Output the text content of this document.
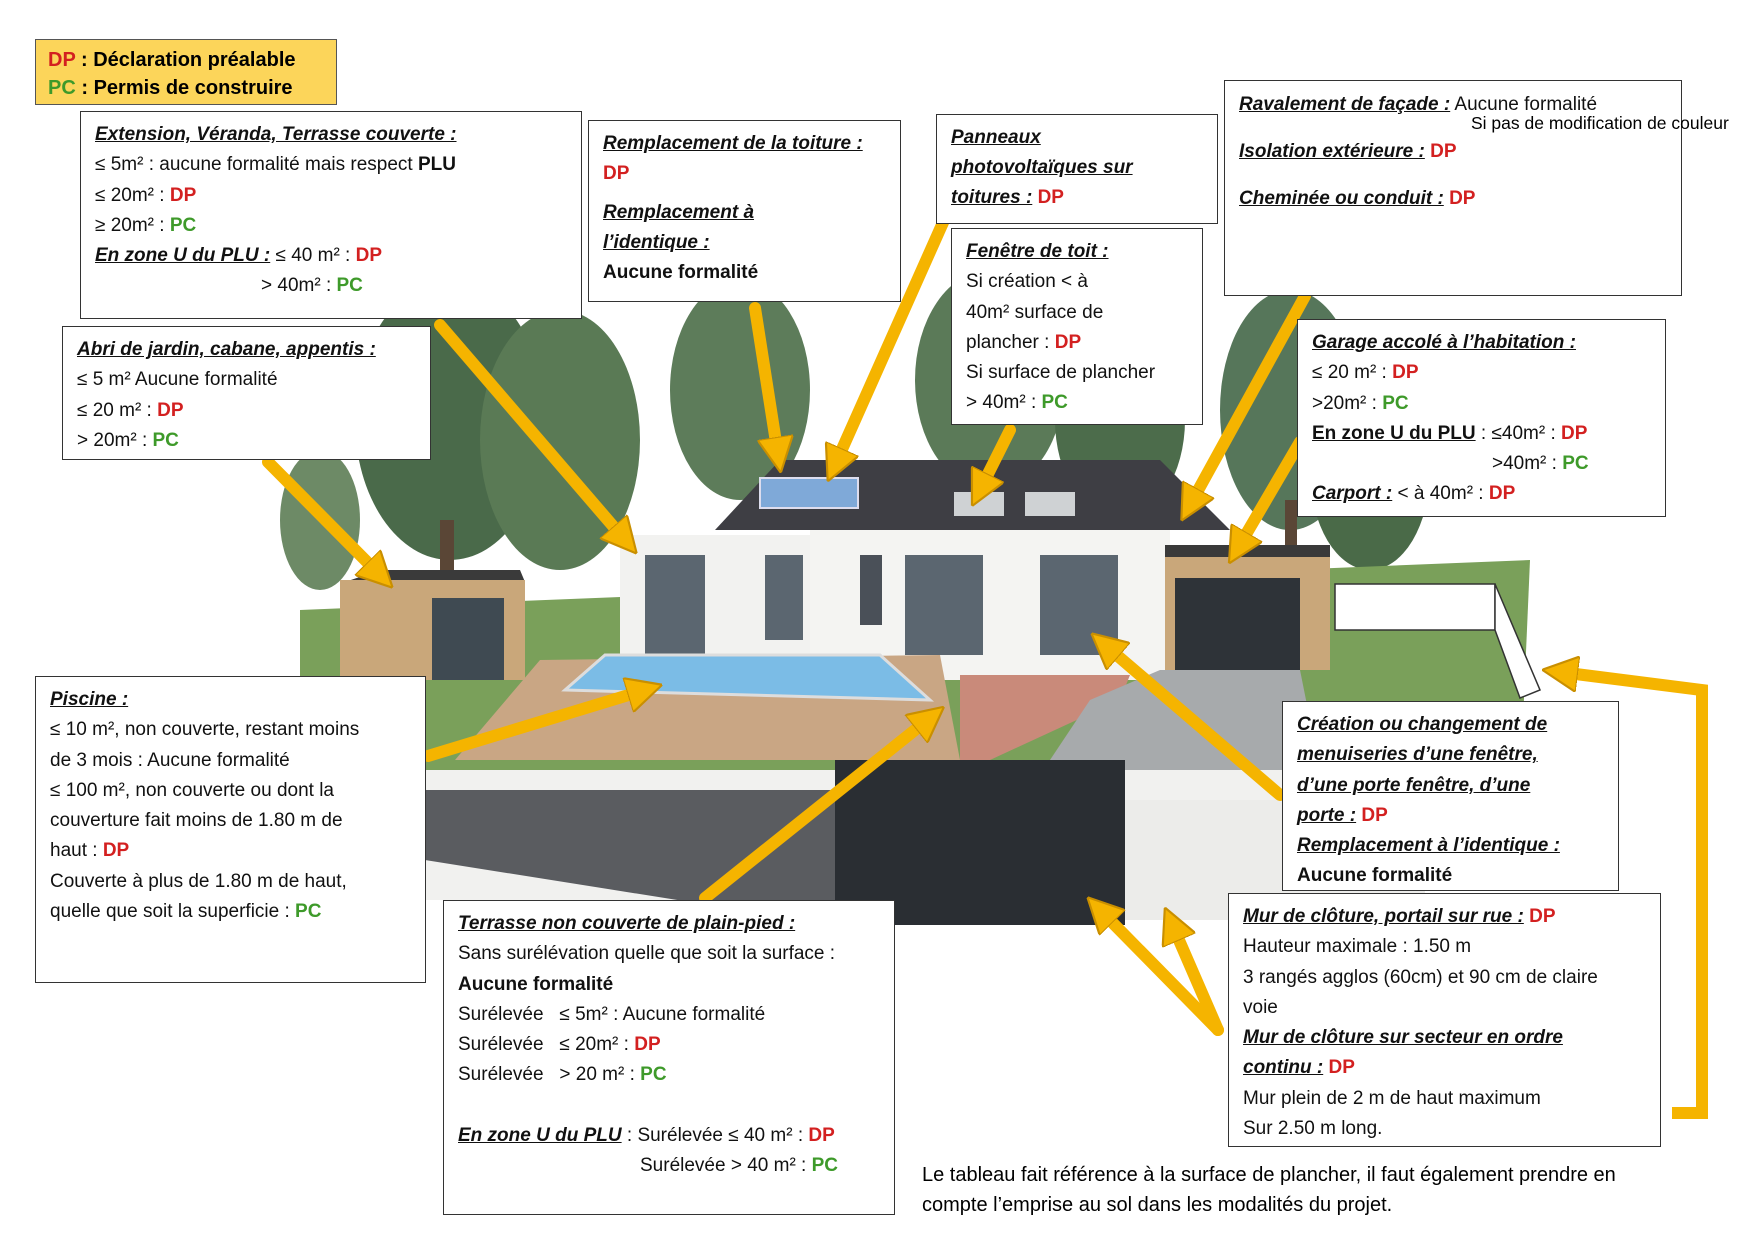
DP : Déclaration préalable
PC : Permis de construire
Extension, Véranda, Terrasse couverte :
≤ 5m² : aucune formalité mais respect PLU
≤ 20m² : DP
≥ 20m² : PC
En zone U du PLU : ≤ 40 m² : DP
> 40m² : PC
Abri de jardin, cabane, appentis :
≤ 5 m² Aucune formalité
≤ 20 m² : DP
> 20m² : PC
Remplacement de la toiture :
DP
Remplacement à
l’identique :
Aucune formalité
Panneaux
photovoltaïques sur
toitures : DP
Fenêtre de toit :
Si création < à
40m² surface de
plancher : DP
Si surface de plancher
> 40m² : PC
Ravalement de façade : Aucune formalité
Isolation extérieure : DP
Cheminée ou conduit : DP
Si pas de modification de couleur
Garage accolé à l’habitation :
≤ 20 m² : DP
>20m² : PC
En zone U du PLU : ≤40m² : DP
>40m² : PC
Carport : < à 40m² : DP
Piscine :
≤ 10 m², non couverte, restant moins
de 3 mois : Aucune formalité
≤ 100 m², non couverte ou dont la
couverture fait moins de 1.80 m de
haut : DP
Couverte à plus de 1.80 m de haut,
quelle que soit la superficie : PC
Création ou changement de
menuiseries d’une fenêtre,
d’une porte fenêtre, d’une
porte : DP
Remplacement à l’identique :
Aucune formalité
Terrasse non couverte de plain-pied :
Sans surélévation quelle que soit la surface :
Aucune formalité
Surélevée   ≤ 5m² : Aucune formalité
Surélevée   ≤ 20m² : DP
Surélevée   > 20 m² : PC
En zone U du PLU : Surélevée ≤ 40 m² : DP
Surélevée > 40 m² : PC
Mur de clôture, portail sur rue : DP
Hauteur maximale : 1.50 m
3 rangés agglos (60cm) et 90 cm de claire
voie
Mur de clôture sur secteur en ordre
continu : DP
Mur plein de 2 m de haut maximum
Sur 2.50 m long.
Le tableau fait référence à la surface de plancher, il faut également prendre en
compte l’emprise au sol dans les modalités du projet.
